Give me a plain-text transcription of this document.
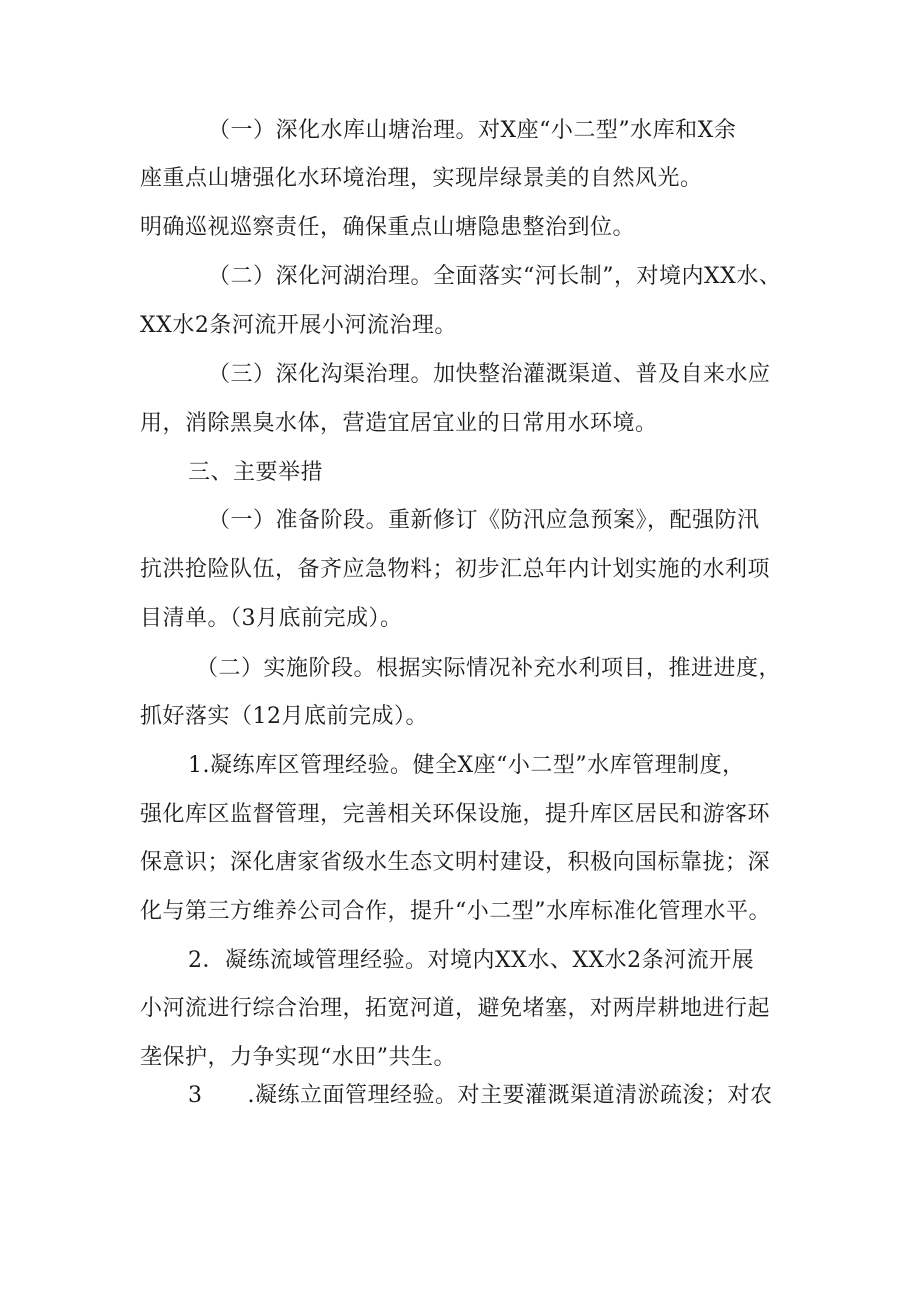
（一）深化水库山塘治理。对X座“小二型”水库和X余
座重点山塘强化水环境治理，实现岸绿景美的自然风光。
明确巡视巡察责任，确保重点山塘隐患整治到位。
（二）深化河湖治理。全面落实“河长制”，对境内XX水、
XX水2条河流开展小河流治理。
（三）深化沟渠治理。加快整治灌溉渠道、普及自来水应
用，消除黑臭水体，营造宜居宜业的日常用水环境。
三、主要举措
（一）准备阶段。重新修订《防汛应急预案》，配强防汛
抗洪抢险队伍，备齐应急物料；初步汇总年内计划实施的水利项
目清单。（3月底前完成）。
（二）实施阶段。根据实际情况补充水利项目，推进进度，
抓好落实（12月底前完成）。
1.凝练库区管理经验。健全X座“小二型”水库管理制度，
强化库区监督管理，完善相关环保设施，提升库区居民和游客环
保意识；深化唐家省级水生态文明村建设，积极向国标靠拢；深
化与第三方维养公司合作，提升“小二型”水库标准化管理水平。
2．凝练流域管理经验。对境内XX水、XX水2条河流开展
小河流进行综合治理，拓宽河道，避免堵塞，对两岸耕地进行起
垄保护，力争实现“水田”共生。
3　　.凝练立面管理经验。对主要灌溉渠道清淤疏浚；对农
